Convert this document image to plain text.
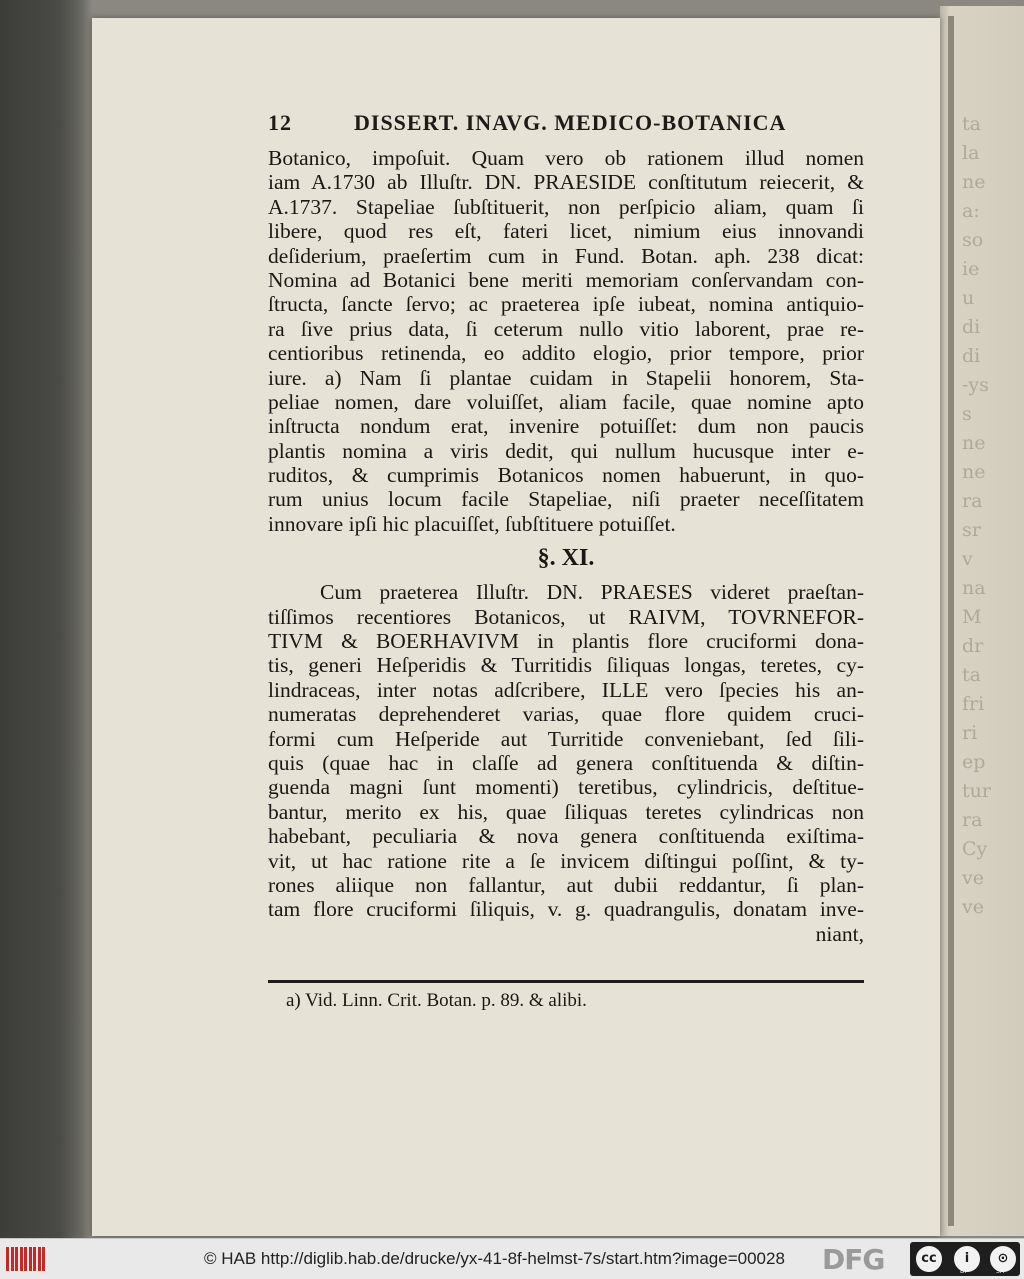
ta
la
ne
a:
so
ie
u
di
di
-ys
s
ne
ne
ra
sr
v
na
M
dr
ta
fri
ri
ep
tur
ra
Cy
ve
ve
12	DISSERT. INAVG. MEDICO-BOTANICA
Botanico, impoſuit. Quam vero ob rationem illud nomen
iam A.1730 ab Illuſtr. DN. PRAESIDE conſtitutum reiecerit, &
A.1737. Stapeliae ſubſtituerit, non perſpicio aliam, quam ſi
libere, quod res eſt, fateri licet, nimium eius innovandi
deſiderium, praeſertim cum in Fund. Botan. aph. 238 dicat:
Nomina ad Botanici bene meriti memoriam conſervandam con-
ſtructa, ſancte ſervo; ac praeterea ipſe iubeat, nomina antiquio-
ra ſive prius data, ſi ceterum nullo vitio laborent, prae re-
centioribus retinenda, eo addito elogio, prior tempore, prior
iure. a) Nam ſi plantae cuidam in Stapelii honorem, Sta-
peliae nomen, dare voluiſſet, aliam facile, quae nomine apto
inſtructa nondum erat, invenire potuiſſet: dum non paucis
plantis nomina a viris dedit, qui nullum hucusque inter e-
ruditos, & cumprimis Botanicos nomen habuerunt, in quo-
rum unius locum facile Stapeliae, niſi praeter neceſſitatem
innovare ipſi hic placuiſſet, ſubſtituere potuiſſet.
§. XI.
Cum praeterea Illuſtr. DN. PRAESES videret praeſtan-
tiſſimos recentiores Botanicos, ut RAIVM, TOVRNEFOR-
TIVM & BOERHAVIVM in plantis flore cruciformi dona-
tis, generi Heſperidis & Turritidis ſiliquas longas, teretes, cy-
lindraceas, inter notas adſcribere, ILLE vero ſpecies his an-
numeratas deprehenderet varias, quae flore quidem cruci-
formi cum Heſperide aut Turritide conveniebant, ſed ſili-
quis (quae hac in claſſe ad genera conſtituenda & diſtin-
guenda magni ſunt momenti) teretibus, cylindricis, deſtitue-
bantur, merito ex his, quae ſiliquas teretes cylindricas non
habebant, peculiaria & nova genera conſtituenda exiſtima-
vit, ut hac ratione rite a ſe invicem diſtingui poſſint, & ty-
rones aliique non fallantur, aut dubii reddantur, ſi plan-
tam flore cruciformi ſiliquis, v. g. quadrangulis, donatam inve-
niant,
a) Vid. Linn. Crit. Botan. p. 89. & alibi.
© HAB http://diglib.hab.de/drucke/yx-41-8f-helmst-7s/start.htm?image=00028 DFG	cc	i	⊙
BY	SA
